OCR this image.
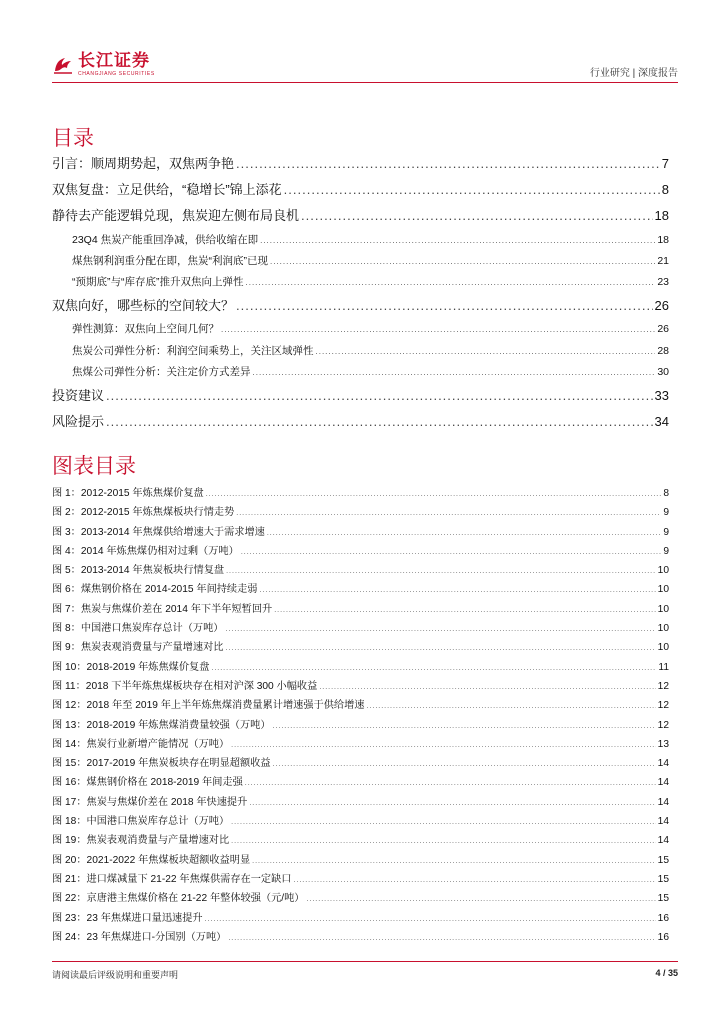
长江证券
CHANGJIANG SECURITIES	行业研究 | 深度报告
目录
引言：顺周期势起，双焦两争艳 .....	7
双焦复盘：立足供给，“稳增长”锦上添花 .....	8
静待去产能逻辑兑现，焦炭迎左侧布局良机 .....	18
23Q4 焦炭产能重回净减，供给收缩在即 .....	18
煤焦钢利润重分配在即，焦炭“利润底”已现 .....	21
“预期底”与“库存底”推升双焦向上弹性 .....	23
双焦向好，哪些标的空间较大？ .....	26
弹性测算：双焦向上空间几何？ .....	26
焦炭公司弹性分析：利润空间乘势上，关注区域弹性 .....	28
焦煤公司弹性分析：关注定价方式差异 .....	30
投资建议 .....	33
风险提示 .....	34
图表目录
图 1：2012-2015 年炼焦煤价复盘 .....	8
图 2：2012-2015 年炼焦煤板块行情走势 .....	9
图 3：2013-2014 年焦煤供给增速大于需求增速 .....	9
图 4：2014 年炼焦煤仍相对过剩（万吨） .....	9
图 5：2013-2014 年焦炭板块行情复盘 .....	10
图 6：煤焦钢价格在 2014-2015 年间持续走弱 .....	10
图 7：焦炭与焦煤价差在 2014 年下半年短暂回升 .....	10
图 8：中国港口焦炭库存总计（万吨） .....	10
图 9：焦炭表观消费量与产量增速对比 .....	10
图 10：2018-2019 年炼焦煤价复盘 .....	11
图 11：2018 下半年炼焦煤板块存在相对沪深 300 小幅收益 .....	12
图 12：2018 年至 2019 年上半年炼焦煤消费量累计增速强于供给增速 .....	12
图 13：2018-2019 年炼焦煤消费量较强（万吨） .....	12
图 14：焦炭行业新增产能情况（万吨） .....	13
图 15：2017-2019 年焦炭板块存在明显超额收益 .....	14
图 16：煤焦钢价格在 2018-2019 年间走强 .....	14
图 17：焦炭与焦煤价差在 2018 年快速提升 .....	14
图 18：中国港口焦炭库存总计（万吨） .....	14
图 19：焦炭表观消费量与产量增速对比 .....	14
图 20：2021-2022 年焦煤板块超额收益明显 .....	15
图 21：进口煤减量下 21-22 年焦煤供需存在一定缺口 .....	15
图 22：京唐港主焦煤价格在 21-22 年整体较强（元/吨） .....	15
图 23：23 年焦煤进口量迅速提升 .....	16
图 24：23 年焦煤进口-分国别（万吨） .....	16
请阅读最后评级说明和重要声明	4 / 35
